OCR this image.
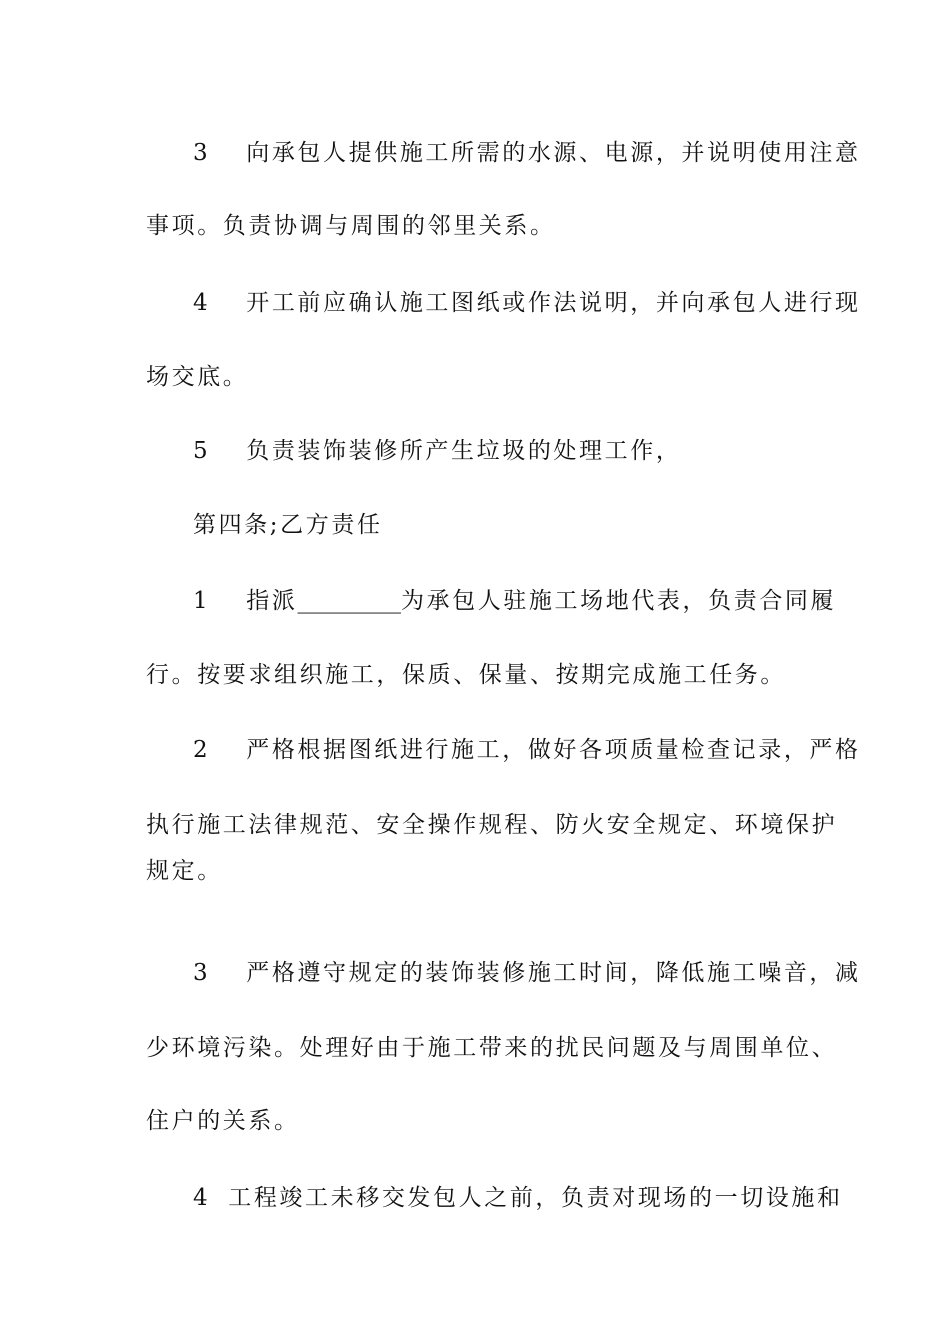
3 向承包人提供施工所需的水源、电源，并说明使用注意
事项。负责协调与周围的邻里关系。
4 开工前应确认施工图纸或作法说明，并向承包人进行现
场交底。
5 负责装饰装修所产生垃圾的处理工作，
第四条;乙方责任
1 指派_________为承包人驻施工场地代表，负责合同履
行。按要求组织施工，保质、保量、按期完成施工任务。
2 严格根据图纸进行施工，做好各项质量检查记录，严格
执行施工法律规范、安全操作规程、防火安全规定、环境保护
规定。
3 严格遵守规定的装饰装修施工时间，降低施工噪音，减
少环境污染。处理好由于施工带来的扰民问题及与周围单位、
住户的关系。
4 工程竣工未移交发包人之前，负责对现场的一切设施和
